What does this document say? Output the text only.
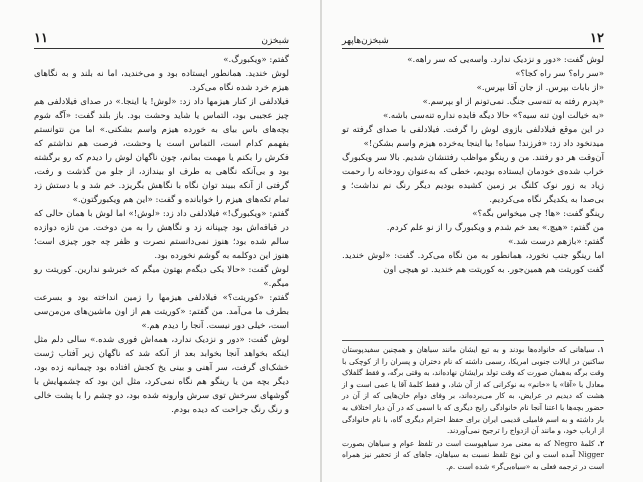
شبخزن
۱۱

گفتم: «ویکبورگ.»

لوش خندید. همانطور ایستاده بود و می‌خندید، اما نه بلند و به نگاهای هیزم خرد شده نگاه می‌کرد.

فیلادلفی از کنار هیزمها داد زد: «لوش! یا اینجا.» در صدای فیلادلفی هم چیز عجیبی بود، التماس یا شاید وحشت بود. باز بلند گفت: «آگه شوم بچه‌های باس بیای به خورده هیزم واسم بشکنی.» اما من نتوانستم بفهمم کدام است، التماس است یا وحشت، فرصت هم نداشتم که فکرش را بکنم یا مهمت بمانم، چون ناگهان لوش را دیدم که رو برگشته بود و بی‌آنکه نگاهی به طرف او بیندازد، از جلو من گذشت و رفت، گرفتی از آنکه ببیند توان نگاه با نگاهش بگریزد. خم شد و با دستش زد تمام تکه‌های هیزم را خوابانده و گفت: «این هم ویکبورگتون.»

گفتم: «ویکبورگ!» فیلادلفی داد زد: «لوش!» اما لوش با همان حالی که در قیافه‌اش بود چیپنانه زد و نگاهش را به من دوخت. من تازه دوازده سالم شده بود؛ هنوز نمی‌دانستم نصرت و ظفر چه جور چیزی است؛ هنوز این دوکلمه به گوشم نخورده بود.

لوش گفت: «حالا یکی دیگه‌م بهتون میگم که خبرشو ندارین. کوریتت رو میگم.»

گفتم: «کوریتت؟» فیلادلفی هیزمها را زمین انداخته بود و بسرعت بطرف ما می‌آمد. من گفتم: «کوریتت هم از اون ماشین‌های من‌من‌سی است، خیلی دور نیست. آنجا را دیدم هم.»

لوش گفت: «دور و نزدیک ندارد، همه‌اش فوری شده.» سالی دلم مثل اینکه بخواهد آنجا بخوابد بعد از آنکه شد که ناگهان زیر آفتاب ژست خشک‌ای گرفت، سر آهنی و بینی یخ کجش افتاده بود چیمانیه زده بود، دیگر بچه من یا رینگو هم نگاه نمی‌کرد، مثل این بود که چشمهایش با گوشهای سرخش توی سرش وارونه شده بود، دو چشم را با پشت خالی و رنگ رنگ جراحت که دیده بودم.

۱۲
شبخزن‌ها‌پهر

لوش گفت: «دور و نزدیک ندارد. واسه‌یی که سر راهه.»

«سر راه؟ سر راه کجا؟»

«از بابات بپرس. از جان آقا بپرس.»

«پدرم رفته به تنه‌سی جنگ. نمی‌تونم از او بپرسم.»

«به خیالت اون تنه سیه؟» حالا دیگه فایده نداره تنه‌سی باشه.»

در این موقع فیلادلفی بازوی لوش را گرفت. فیلادلفی با صدای گرفته تو میدنخود داد زد: «فرزند! سیاه! بیا اینجا یه‌خرده هیزم واسم بشکن!»

آن‌وقت هر دو رفتند. من و رینگو مواظب رفتنشان شدیم. بالا سر ویکبورگ خراب شده‌ی خودمان ایستاده بودیم، خطی که به‌عنوان رودخانه را رحمت زیاد به زور نوک کلنگ بر زمین کشیده بودیم دیگر رنگ نم نداشت؛ و بی‌صدا به یکدیگر نگاه می‌کردیم.

رینگو گفت: «ها! چی میخواس بگه؟»

من گفتم: «هیچ.» بعد خم شدم و ویکبورگ را از نو علم کردم.

گفتم: «بازهم درست شد.»

اما رینگو جنب نخورد، همانطور به من نگاه می‌کرد. گفت: «لوش خندید. گفت کوریتت هم همین‌جور. به کوریتت هم خندید. تو هیچی اون

۱.سیاهانی که خانواده‌ها بودند و به تبع ایشان مانند سیاهان و همچنین سفیدپوستان ساکنین در ایالات جنوبی امریکا، رسمی داشته که نام دختران و پسران را از کوچکی با وقت برگه به‌همان صورت که وقت تولد برایشان نهاده‌اند، به وقتی برگه، و فقط گلفلاک معادل با «آقا» یا «خانم» به نوکرانی که از آن شاد، و فقط کلمۀ آقا یا عمی است و از هشت که دیدیم در عرایض، به کار می‌برده‌اند، بر وفای دوام خان‌هایی که از آن در حضور بچه‌ها با اعتنا آنجا نام خانوادگی رایج دیگری که با اسمی که در آن دیار اختلاف به بار داشته و به اسم فامیلی قدیمی ایران برای حفظ احترام دیگری گاه، با نام خانوادگی از ارباب خود، و مانند آن ازدواج را ترجیح نمی‌آوردند.

۲.کلمۀ Negro که به معنی مرد سیاهپوست است در تلفظ عوام و سیاهان بصورت Nigger آمده است و این نوع تلفظ نسبت به سیاهان، جاهای که از تحقیر نیز همراه است در ترجمه فعلی به «سیاه‌بی‌گر» شده است .م.
